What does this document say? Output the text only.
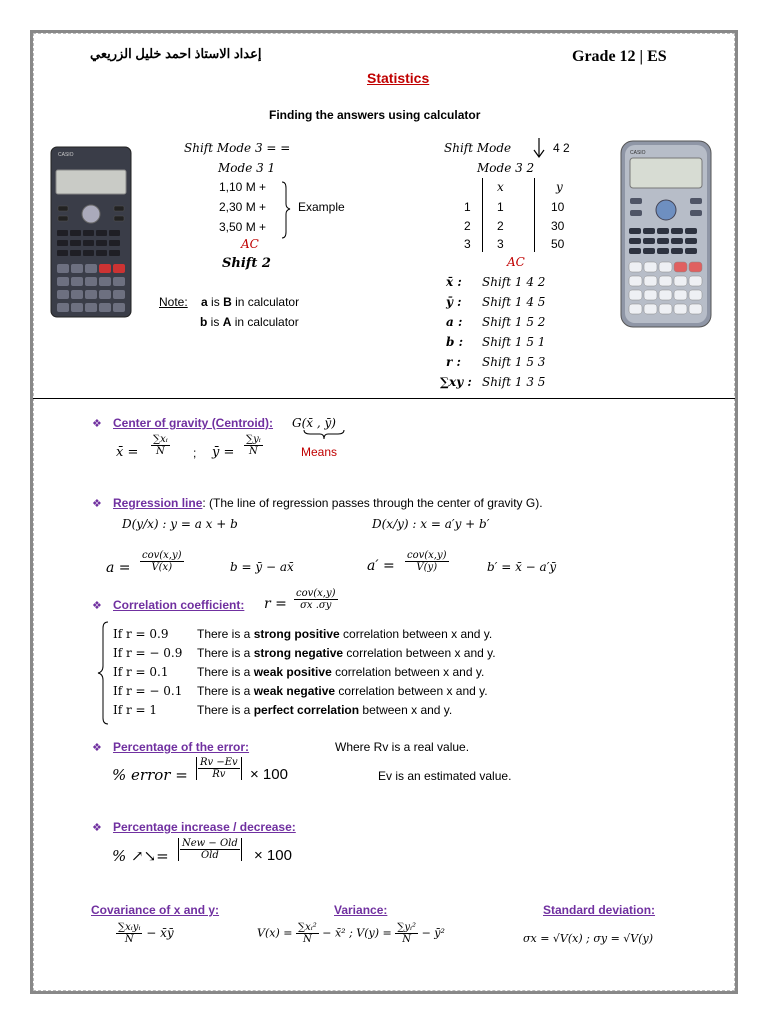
إعداد الاستاذ احمد خليل الزريعي	Grade 12 | ES
Statistics
Finding the answers using calculator
CASIO	Shift Mode 3 = =
Mode 3 1
1,10 M +
2,30 M +
3,50 M +
Example
AC
Shift 2
Note: a is B in calculator
b is A in calculator
Shift Mode	4 2
Mode 3 2
x	y
1 1	10
2 2	30
3 3	50
AC
x̄ : Shift 1 4 2
ȳ : Shift 1 4 5
a : Shift 1 5 2
b : Shift 1 5 1
r : Shift 1 5 3
∑xy : Shift 1 3 5
CASIO
❖ Center of gravity (Centroid): G(x̄ , ȳ)
Means
x̄ = $\frac{\text{∑xᵢ}}{N}$ ; ȳ = $\frac{\text{∑yᵢ}}{N}$
❖ Regression line: (The line of regression passes through the center of gravity G).
D(y/x) : y = a x + b	D(x/y) : x = a′y + b′
a =
cov(x,y)
V(x)	b = ȳ − ax̄	a′ =
cov(x,y)
V(y)	b′ = x̄ − a′ȳ
❖ Correlation coefficient: r =
cov(x,y)
σx .σy
If r = 0.9 There is a strong positive correlation between x and y.
If r = − 0.9 There is a strong negative correlation between x and y.
If r = 0.1 There is a weak positive correlation between x and y.
If r = − 0.1 There is a weak negative correlation between x and y.
If r = 1	There is a perfect correlation between x and y.
❖ Percentage of the error:	Where Rv is a real value.
% error = $\frac{Rv -Ev}{Rv} \times 100$	Ev is an estimated value.
❖ Percentage increase / decrease:
% ↗↘=
New − Old
Old	× 100
Covariance of x and y:
∑xᵢyᵢ
N	− x̄ȳ
Variance:
$V(x) = \frac{\text{∑xᵢ²}}{N}$ − x̄² ; $V(y) = \frac{\text{∑yᵢ²}}{N}$ − ȳ²
Standard deviation:
σx = √V(x) ; σy = √V(y)
